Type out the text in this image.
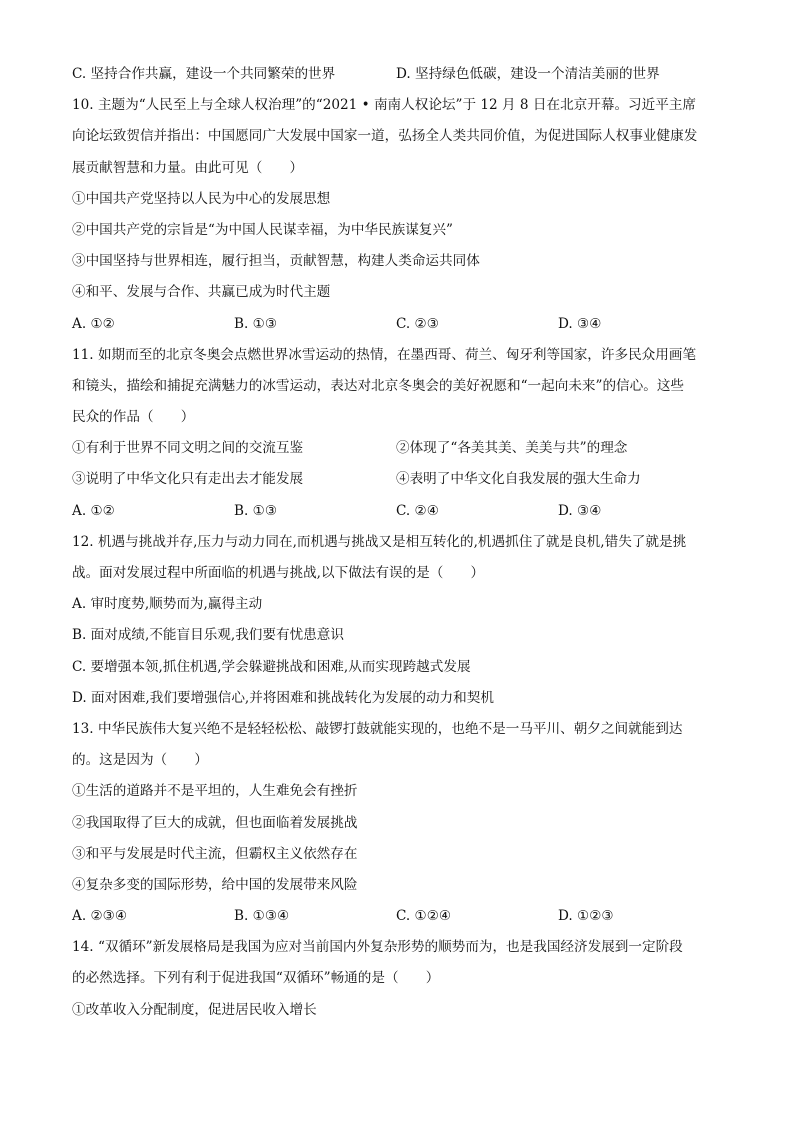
C. 坚持合作共赢，建设一个共同繁荣的世界	D. 坚持绿色低碳，建设一个清洁美丽的世界
10. 主题为“人民至上与全球人权治理”的“2021 • 南南人权论坛”于 12 月 8 日在北京开幕。习近平主席
向论坛致贺信并指出：中国愿同广大发展中国家一道，弘扬全人类共同价值，为促进国际人权事业健康发
展贡献智慧和力量。由此可见（　　）
①中国共产党坚持以人民为中心的发展思想
②中国共产党的宗旨是“为中国人民谋幸福，为中华民族谋复兴”
③中国坚持与世界相连，履行担当，贡献智慧，构建人类命运共同体
④和平、发展与合作、共赢已成为时代主题
A. ①②	B. ①③	C. ②③	D. ③④
11. 如期而至的北京冬奥会点燃世界冰雪运动的热情，在墨西哥、荷兰、匈牙利等国家，许多民众用画笔
和镜头，描绘和捕捉充满魅力的冰雪运动，表达对北京冬奥会的美好祝愿和“一起向未来”的信心。这些
民众的作品（　　）
①有利于世界不同文明之间的交流互鉴	②体现了“各美其美、美美与共”的理念
③说明了中华文化只有走出去才能发展	④表明了中华文化自我发展的强大生命力
A. ①②	B. ①③	C. ②④	D. ③④
12. 机遇与挑战并存,压力与动力同在,而机遇与挑战又是相互转化的,机遇抓住了就是良机,错失了就是挑
战。面对发展过程中所面临的机遇与挑战,以下做法有误的是（　　）
A. 审时度势,顺势而为,赢得主动
B. 面对成绩,不能盲目乐观,我们要有忧患意识
C. 要增强本领,抓住机遇,学会躲避挑战和困难,从而实现跨越式发展
D. 面对困难,我们要增强信心,并将困难和挑战转化为发展的动力和契机
13. 中华民族伟大复兴绝不是轻轻松松、敲锣打鼓就能实现的，也绝不是一马平川、朝夕之间就能到达
的。这是因为（　　）
①生活的道路并不是平坦的，人生难免会有挫折
②我国取得了巨大的成就，但也面临着发展挑战
③和平与发展是时代主流，但霸权主义依然存在
④复杂多变的国际形势，给中国的发展带来风险
A. ②③④	B. ①③④	C. ①②④	D. ①②③
14. “双循环”新发展格局是我国为应对当前国内外复杂形势的顺势而为，也是我国经济发展到一定阶段
的必然选择。下列有利于促进我国“双循环”畅通的是（　　）
①改革收入分配制度，促进居民收入增长
